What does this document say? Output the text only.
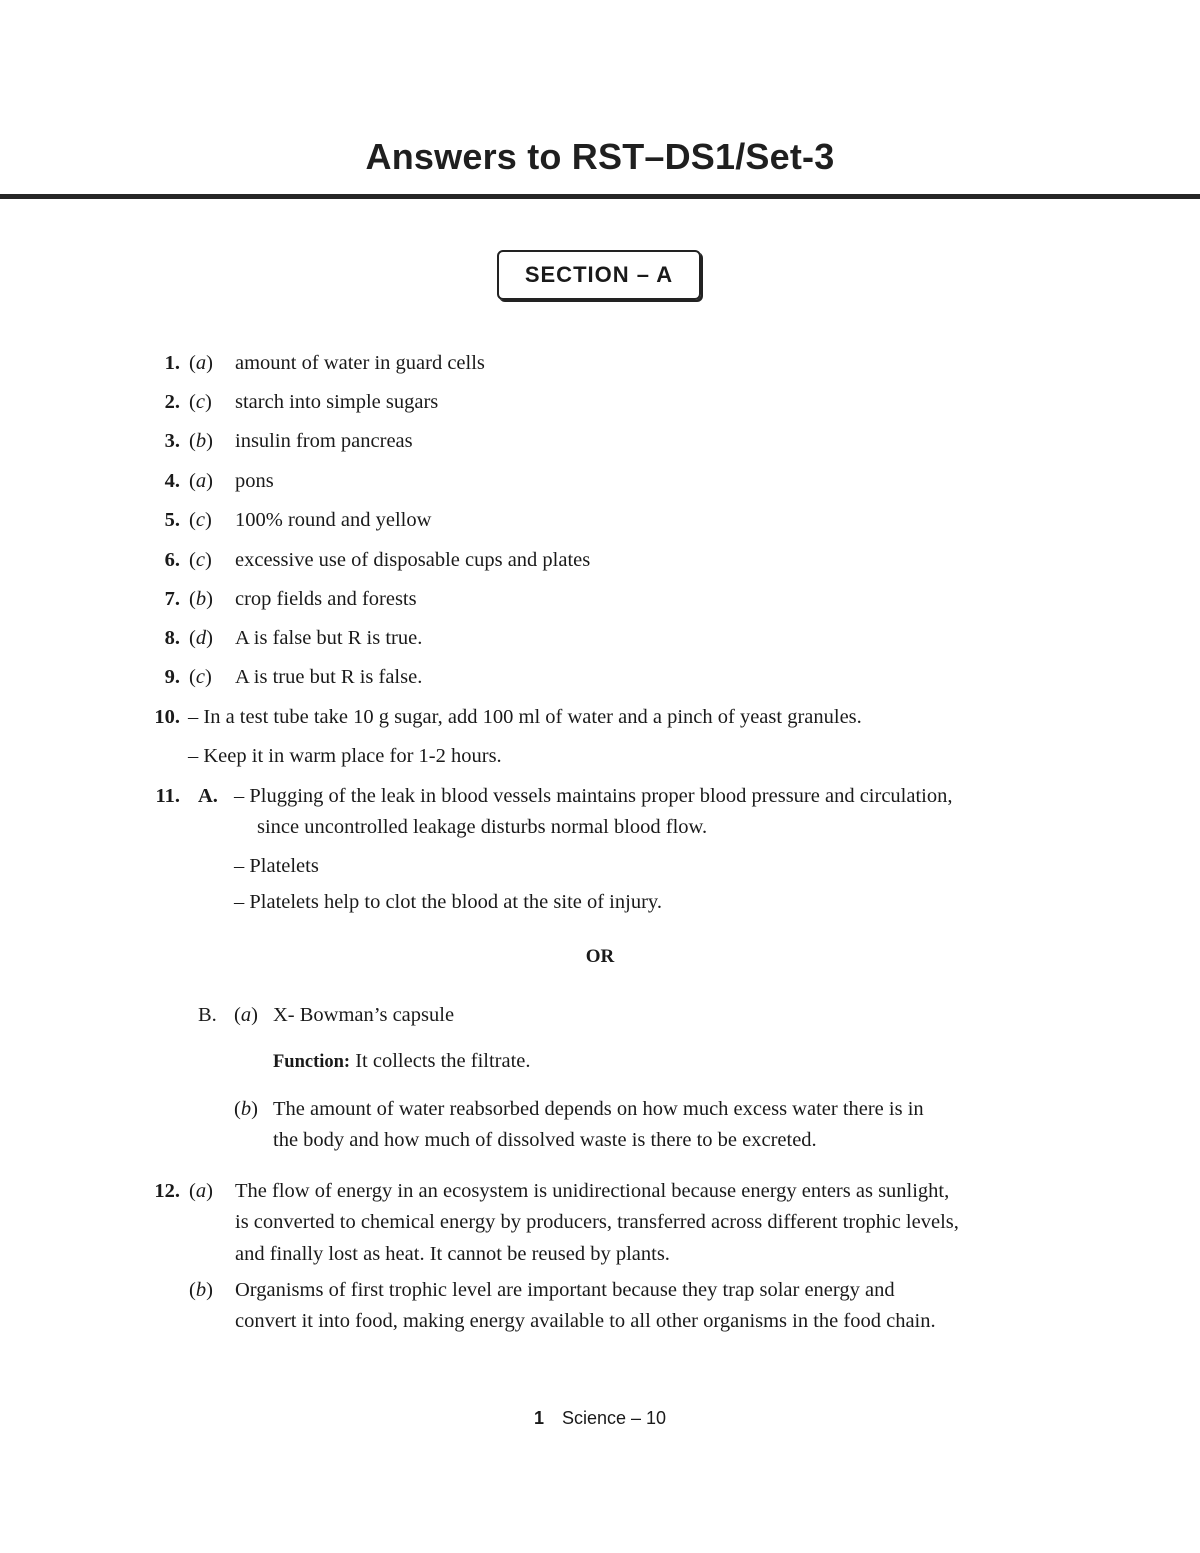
Answers to RST–DS1/Set-3
SECTION – A
1. (a) amount of water in guard cells
2. (c) starch into simple sugars
3. (b) insulin from pancreas
4. (a) pons
5. (c) 100% round and yellow
6. (c) excessive use of disposable cups and plates
7. (b) crop fields and forests
8. (d) A is false but R is true.
9. (c) A is true but R is false.
10. – In a test tube take 10 g sugar, add 100 ml of water and a pinch of yeast granules.
– Keep it in warm place for 1-2 hours.
11. A. – Plugging of the leak in blood vessels maintains proper blood pressure and circulation,
since uncontrolled leakage disturbs normal blood flow.
– Platelets
– Platelets help to clot the blood at the site of injury.
OR
B. (a) X- Bowman’s capsule
Function: It collects the filtrate.
(b) The amount of water reabsorbed depends on how much excess water there is in
the body and how much of dissolved waste is there to be excreted.
12. (a) The flow of energy in an ecosystem is unidirectional because energy enters as sunlight,
is converted to chemical energy by producers, transferred across different trophic levels,
and finally lost as heat. It cannot be reused by plants.
(b) Organisms of first trophic level are important because they trap solar energy and
convert it into food, making energy available to all other organisms in the food chain.
1 Science – 10
